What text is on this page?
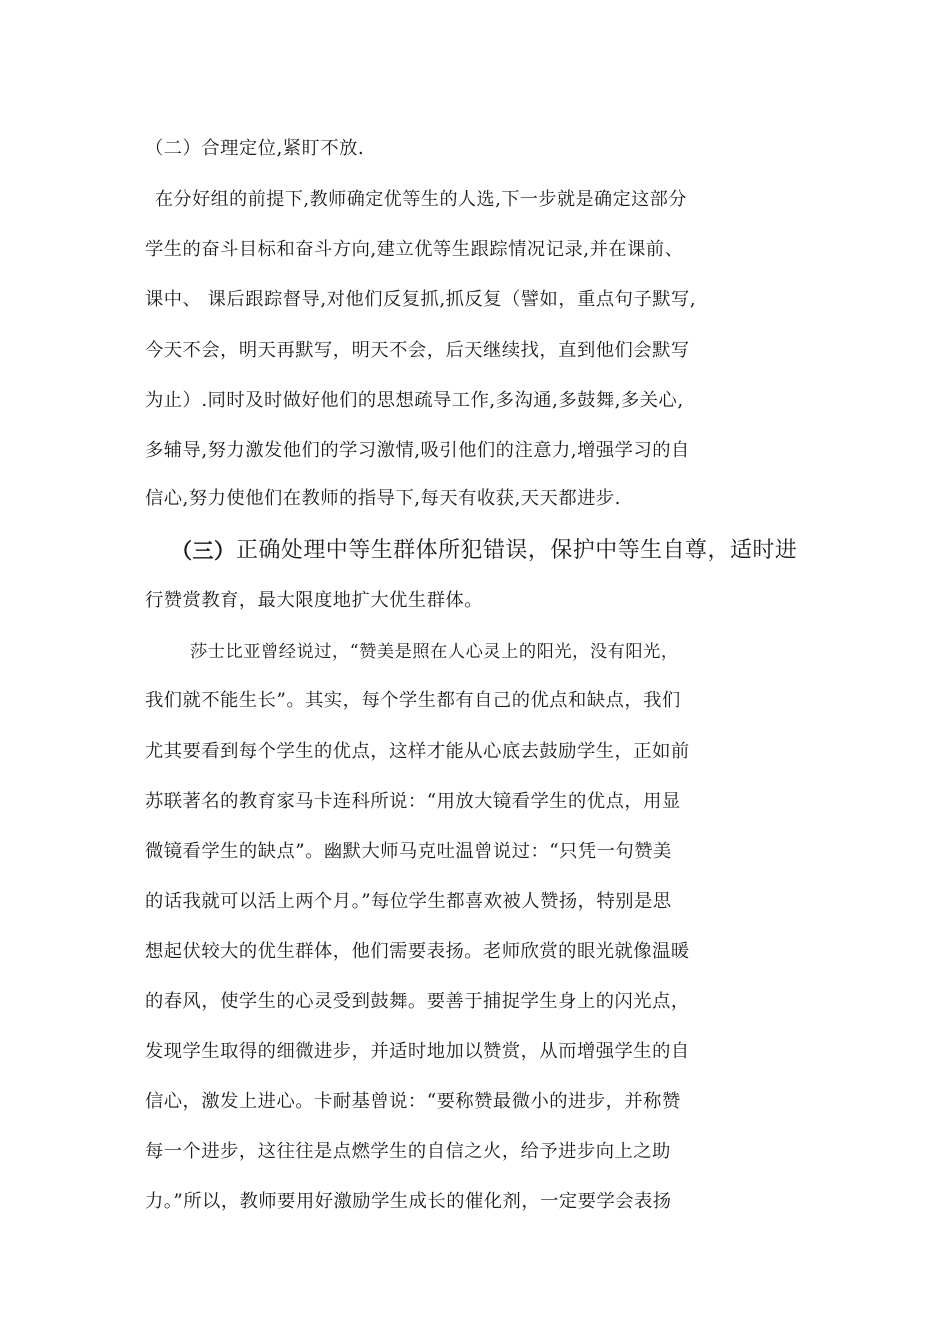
（二）合理定位,紧盯不放.
在分好组的前提下,教师确定优等生的人选,下一步就是确定这部分
学生的奋斗目标和奋斗方向,建立优等生跟踪情况记录,并在课前、
课中、 课后跟踪督导,对他们反复抓,抓反复（譬如，重点句子默写,
今天不会，明天再默写，明天不会，后天继续找，直到他们会默写
为止）.同时及时做好他们的思想疏导工作,多沟通,多鼓舞,多关心,
多辅导,努力激发他们的学习激情,吸引他们的注意力,增强学习的自
信心,努力使他们在教师的指导下,每天有收获,天天都进步.
（三） 正确处理中等生群体所犯错误，保护中等生自尊，适时进
行赞赏教育，最大限度地扩大优生群体。
莎士比亚曾经说过，“赞美是照在人心灵上的阳光，没有阳光，
我们就不能生长”。其实，每个学生都有自己的优点和缺点，我们
尤其要看到每个学生的优点，这样才能从心底去鼓励学生，正如前
苏联著名的教育家马卡连科所说：“用放大镜看学生的优点，用显
微镜看学生的缺点”。幽默大师马克吐温曾说过：“只凭一句赞美
的话我就可以活上两个月。”每位学生都喜欢被人赞扬，特别是思
想起伏较大的优生群体，他们需要表扬。老师欣赏的眼光就像温暖
的春风，使学生的心灵受到鼓舞。要善于捕捉学生身上的闪光点，
发现学生取得的细微进步，并适时地加以赞赏，从而增强学生的自
信心，激发上进心。卡耐基曾说：“要称赞最微小的进步，并称赞
每一个进步，这往往是点燃学生的自信之火，给予进步向上之助
力。”所以，教师要用好激励学生成长的催化剂，一定要学会表扬
